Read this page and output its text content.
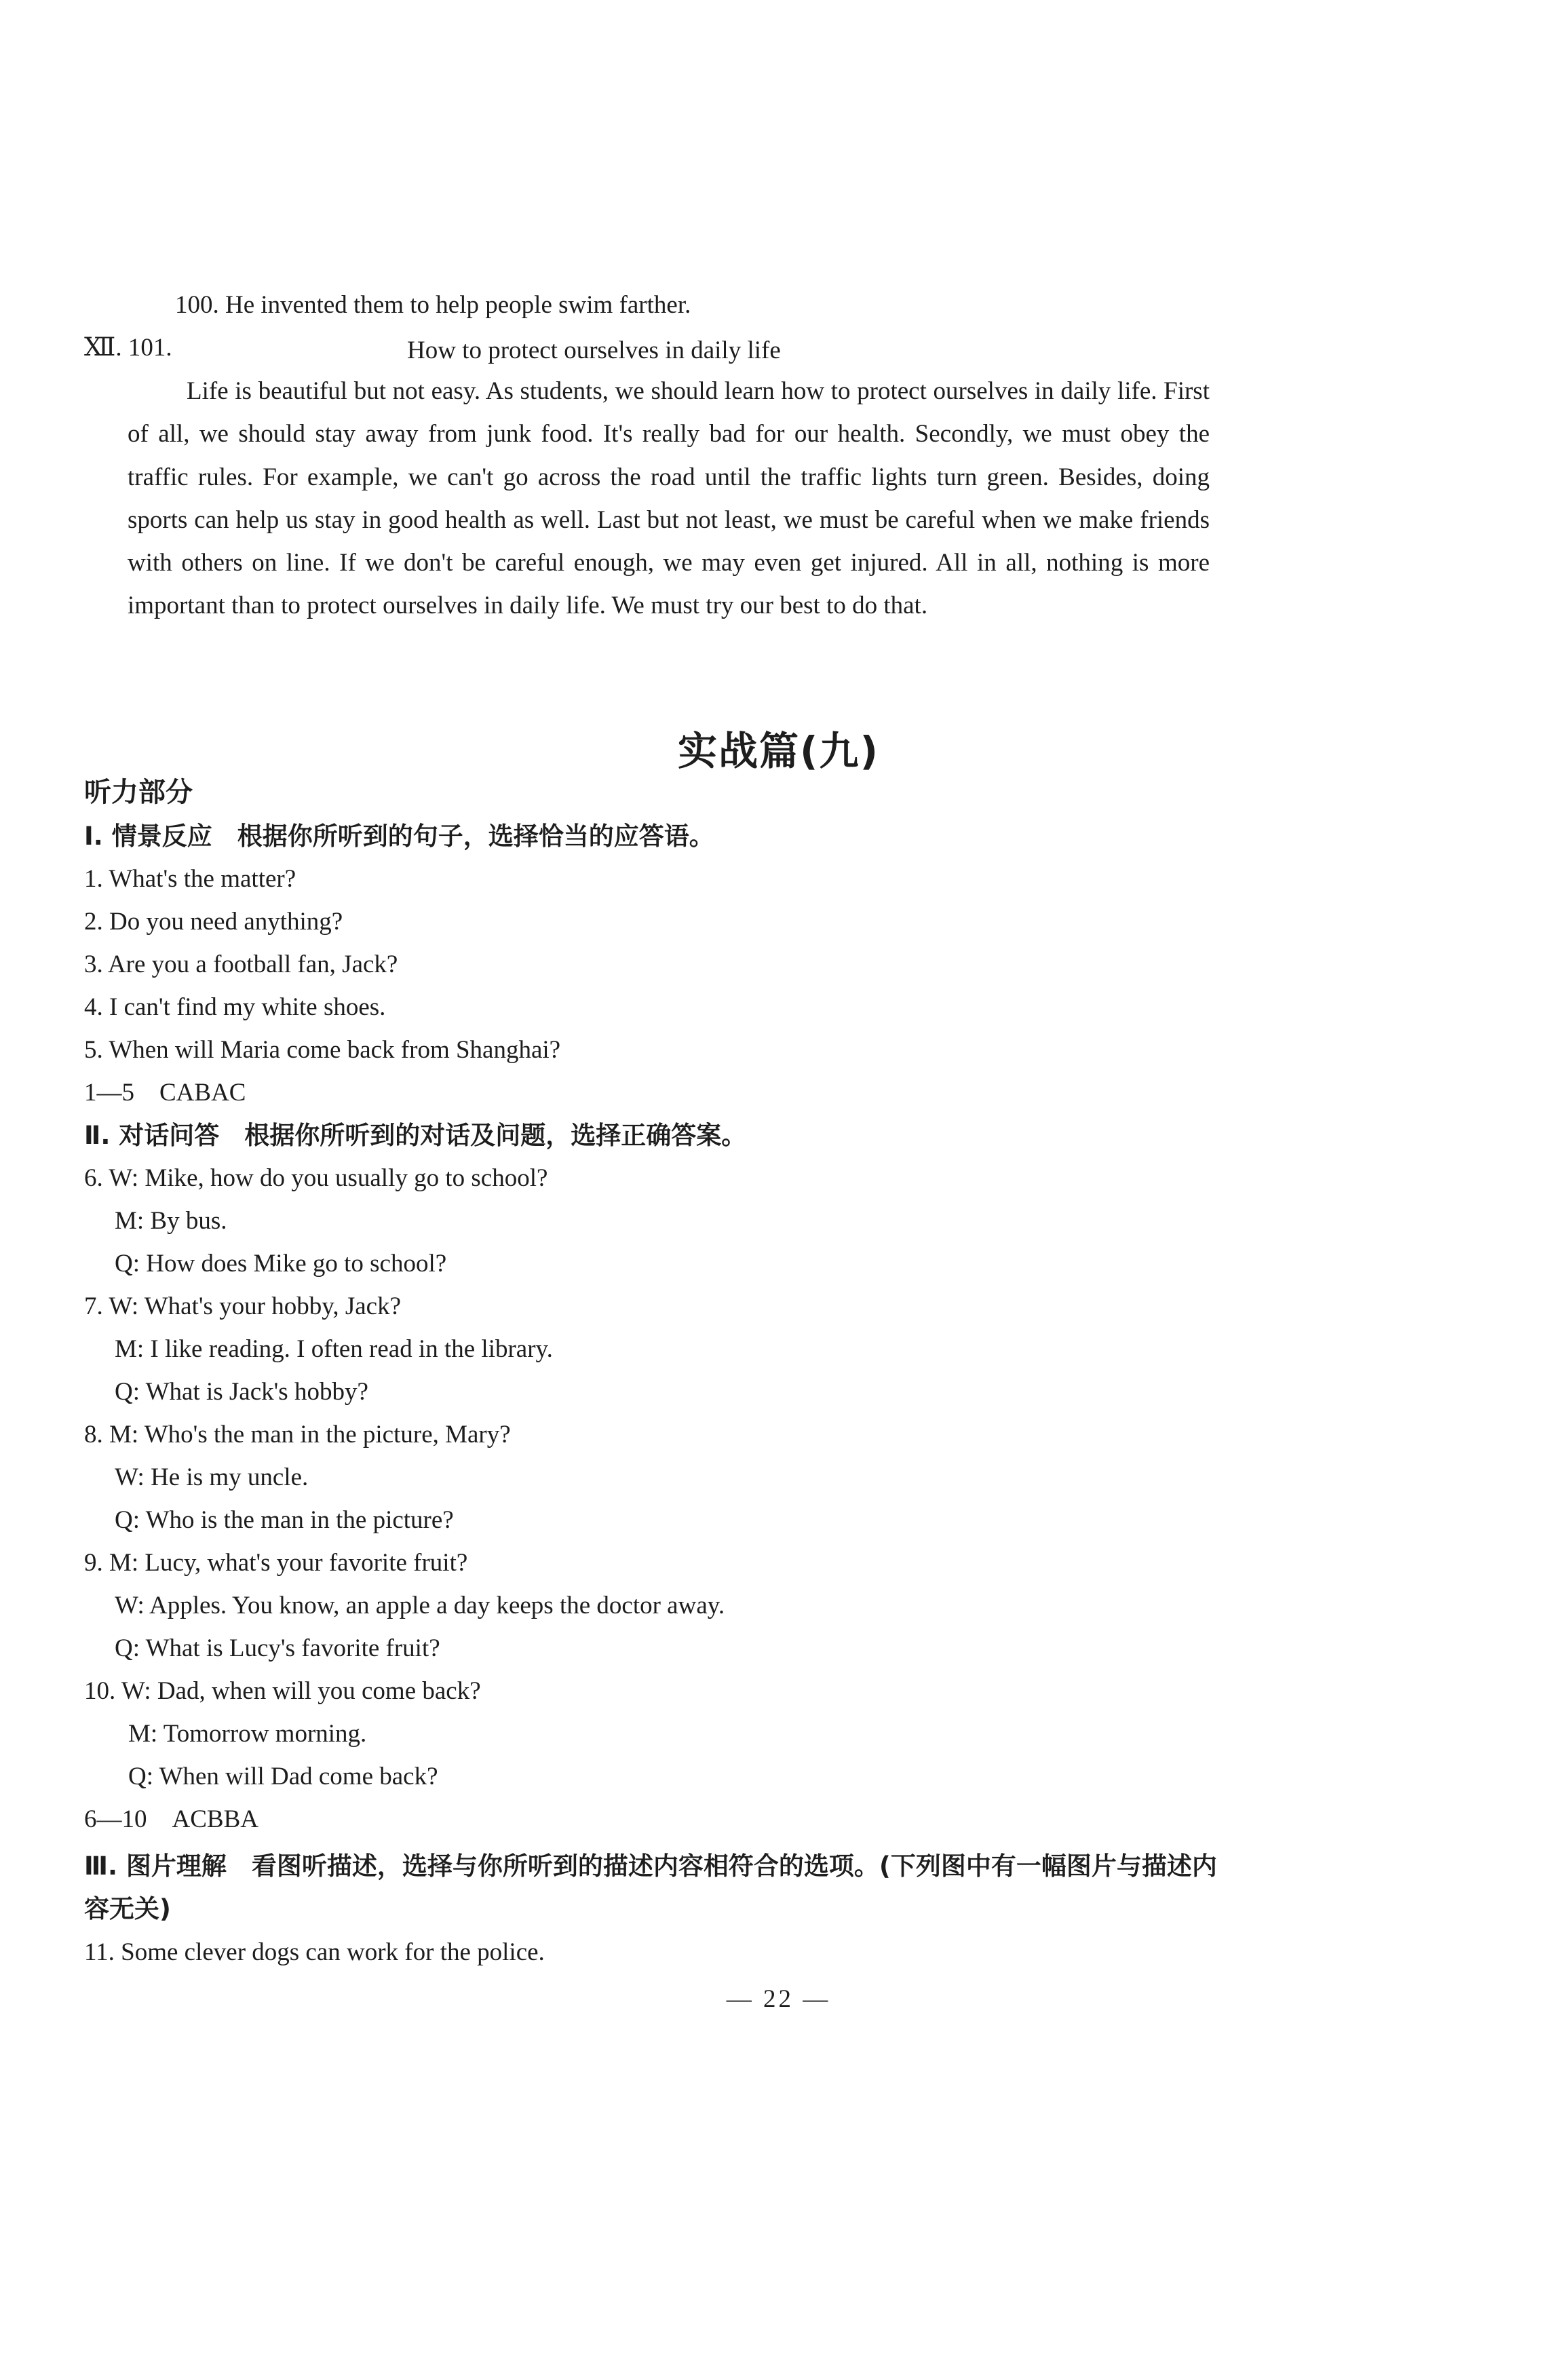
100. He invented them to help people swim farther.
Ⅻ. 101.	How to protect ourselves in daily life
Life is beautiful but not easy. As students, we should learn how to protect ourselves in daily life. First of all, we should stay away from junk food. It's really bad for our health. Secondly, we must obey the traffic rules. For example, we can't go across the road until the traffic lights turn green. Besides, doing sports can help us stay in good health as well. Last but not least, we must be careful when we make friends with others on line. If we don't be careful enough, we may even get injured. All in all, nothing is more important than to protect ourselves in daily life. We must try our best to do that.
实战篇(九)
听力部分
Ⅰ. 情景反应　根据你所听到的句子，选择恰当的应答语。
1. What's the matter?
2. Do you need anything?
3. Are you a football fan, Jack?
4. I can't find my white shoes.
5. When will Maria come back from Shanghai?
1—5　CABAC
Ⅱ. 对话问答　根据你所听到的对话及问题，选择正确答案。
6. W: Mike, how do you usually go to school?
M: By bus.
Q: How does Mike go to school?
7. W: What's your hobby, Jack?
M: I like reading. I often read in the library.
Q: What is Jack's hobby?
8. M: Who's the man in the picture, Mary?
W: He is my uncle.
Q: Who is the man in the picture?
9. M: Lucy, what's your favorite fruit?
W: Apples. You know, an apple a day keeps the doctor away.
Q: What is Lucy's favorite fruit?
10. W: Dad, when will you come back?
M: Tomorrow morning.
Q: When will Dad come back?
6—10　ACBBA
Ⅲ. 图片理解　看图听描述，选择与你所听到的描述内容相符合的选项。(下列图中有一幅图片与描述内容无关)
11. Some clever dogs can work for the police.
— 22 —
